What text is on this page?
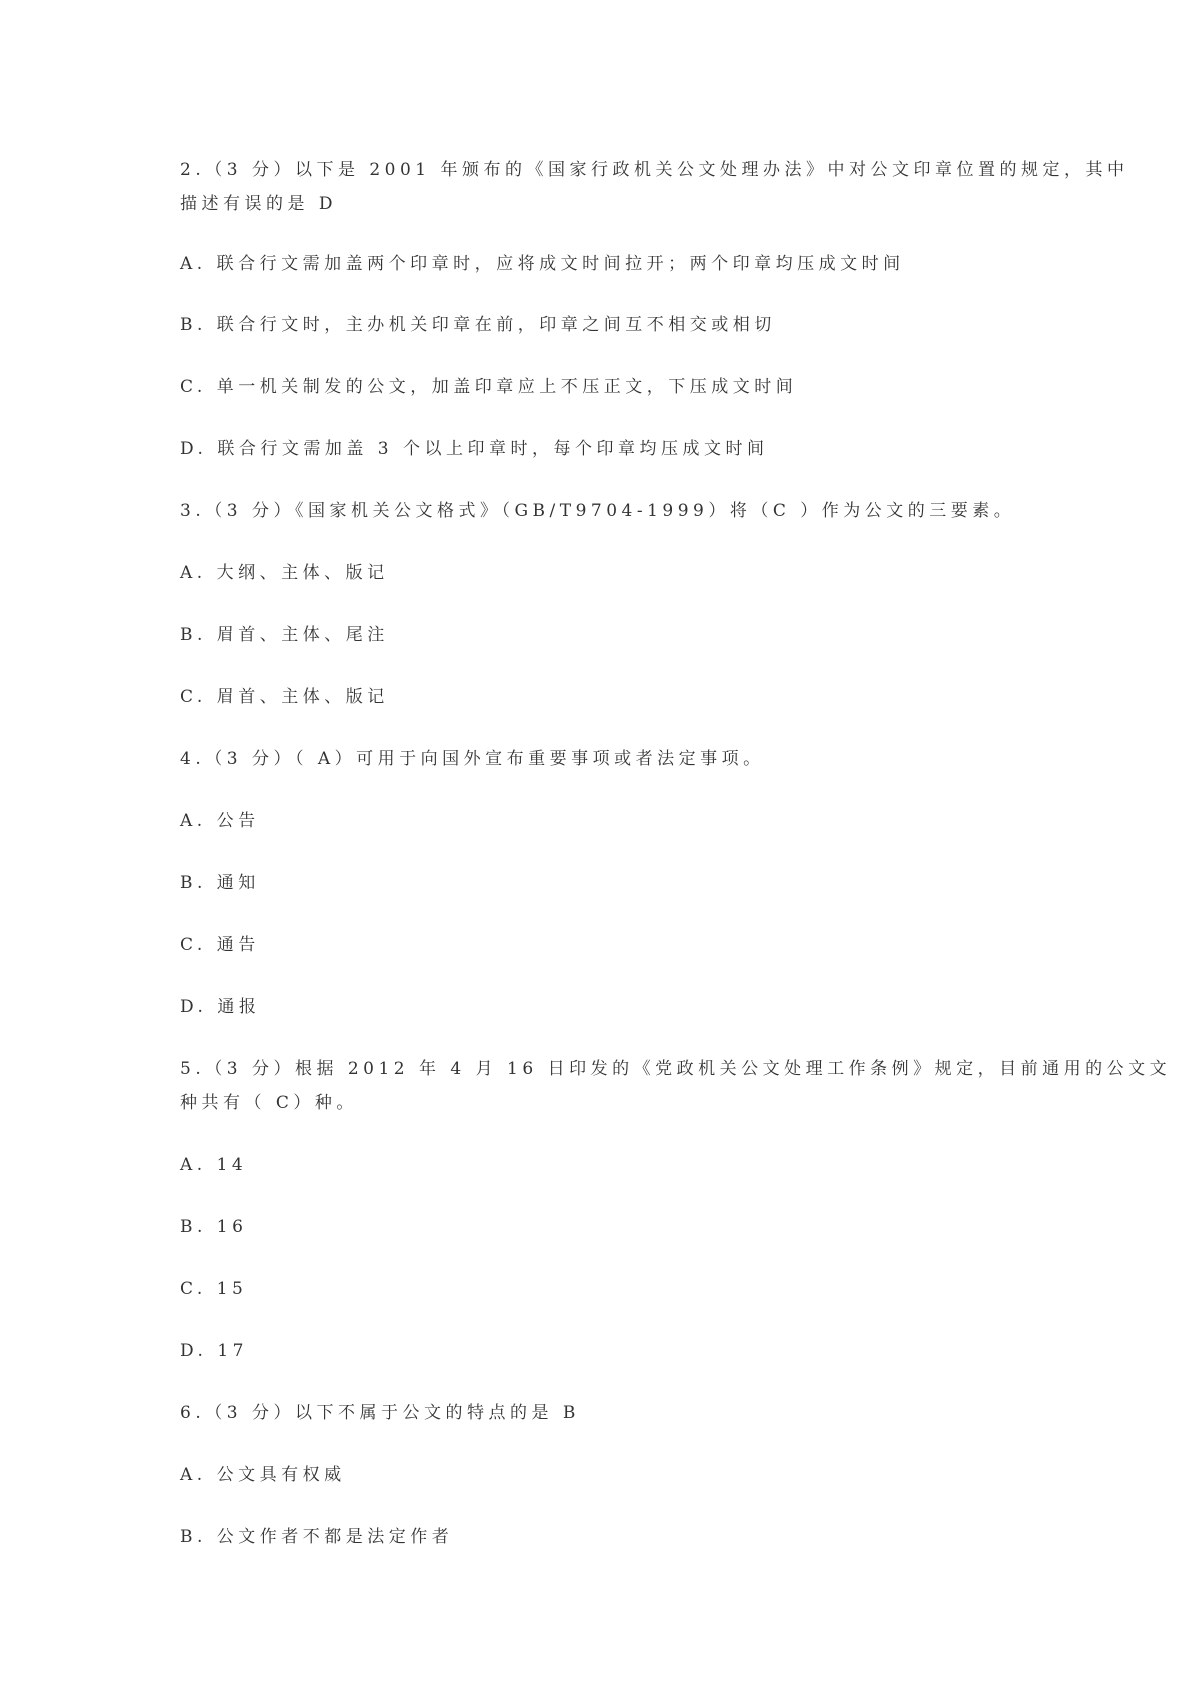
2.（3 分）以下是 2001 年颁布的《国家行政机关公文处理办法》中对公文印章位置的规定，其中
描述有误的是 D
A. 联合行文需加盖两个印章时，应将成文时间拉开；两个印章均压成文时间
B. 联合行文时，主办机关印章在前，印章之间互不相交或相切
C. 单一机关制发的公文，加盖印章应上不压正文，下压成文时间
D. 联合行文需加盖 3 个以上印章时，每个印章均压成文时间
3.（3 分）《国家机关公文格式》（GB/T9704-1999）将（C ）作为公文的三要素。
A. 大纲、主体、版记
B. 眉首、主体、尾注
C. 眉首、主体、版记
4.（3 分）（ A）可用于向国外宣布重要事项或者法定事项。
A. 公告
B. 通知
C. 通告
D. 通报
5.（3 分）根据 2012 年 4 月 16 日印发的《党政机关公文处理工作条例》规定，目前通用的公文文
种共有（ C）种。
A. 14
B. 16
C. 15
D. 17
6.（3 分）以下不属于公文的特点的是 B
A. 公文具有权威
B. 公文作者不都是法定作者
